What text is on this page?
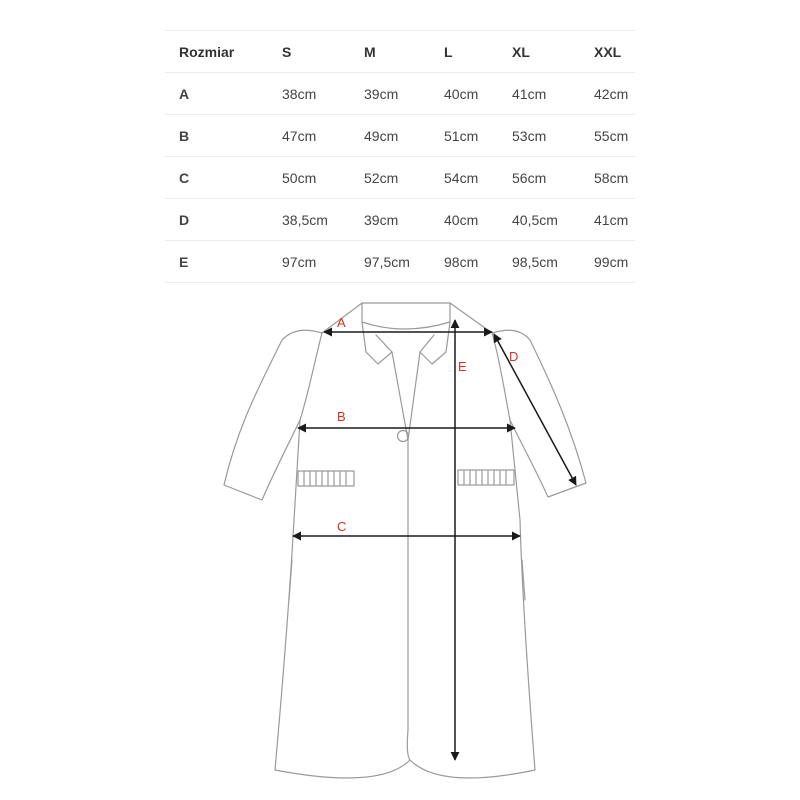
Rozmiar	S	M	L	XL	XXL
A	38cm	39cm	40cm	41cm	42cm
B	47cm	49cm	51cm	53cm	55cm
C	50cm	52cm	54cm	56cm	58cm
D	38,5cm	39cm	40cm	40,5cm	41cm
E	97cm	97,5cm	98cm	98,5cm	99cm
A
B
C
D
E
